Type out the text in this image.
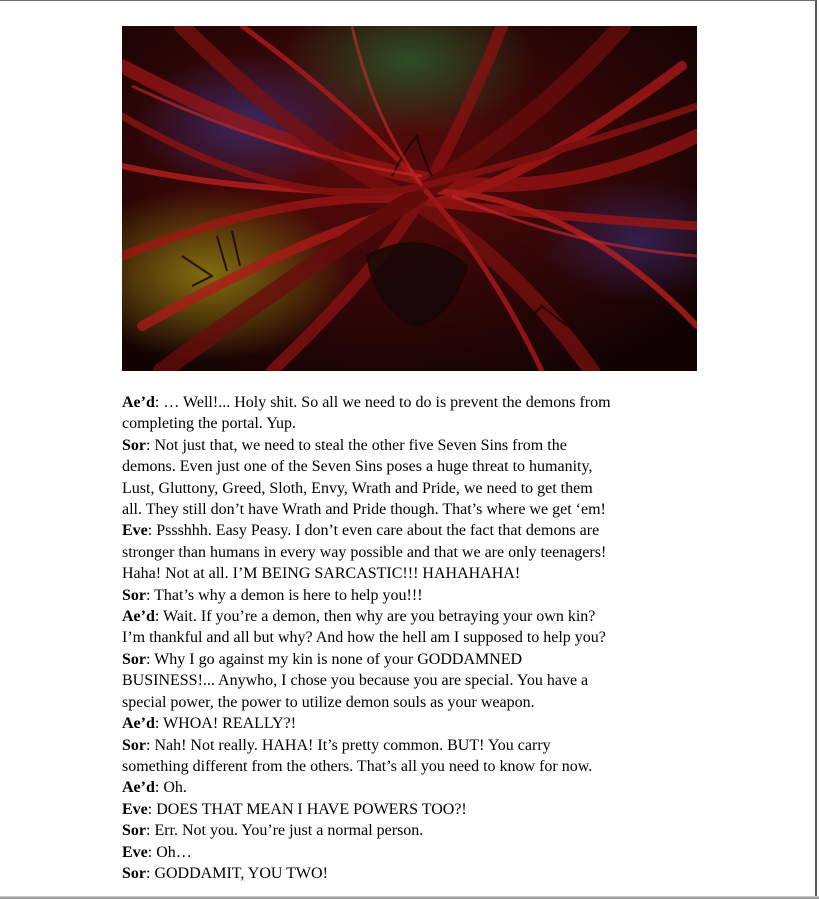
Ae’d: … Well!... Holy shit. So all we need to do is prevent the demons from
completing the portal. Yup.
Sor: Not just that, we need to steal the other five Seven Sins from the
demons. Even just one of the Seven Sins poses a huge threat to humanity,
Lust, Gluttony, Greed, Sloth, Envy, Wrath and Pride, we need to get them
all. They still don’t have Wrath and Pride though. That’s where we get ‘em!
Eve: Pssshhh. Easy Peasy. I don’t even care about the fact that demons are
stronger than humans in every way possible and that we are only teenagers!
Haha! Not at all. I’M BEING SARCASTIC!!! HAHAHAHA!
Sor: That’s why a demon is here to help you!!!
Ae’d: Wait. If you’re a demon, then why are you betraying your own kin?
I’m thankful and all but why? And how the hell am I supposed to help you?
Sor: Why I go against my kin is none of your GODDAMNED
BUSINESS!... Anywho, I chose you because you are special. You have a
special power, the power to utilize demon souls as your weapon.
Ae’d: WHOA! REALLY?!
Sor: Nah! Not really. HAHA! It’s pretty common. BUT! You carry
something different from the others. That’s all you need to know for now.
Ae’d: Oh.
Eve: DOES THAT MEAN I HAVE POWERS TOO?!
Sor: Err. Not you. You’re just a normal person.
Eve: Oh…
Sor: GODDAMIT, YOU TWO!
